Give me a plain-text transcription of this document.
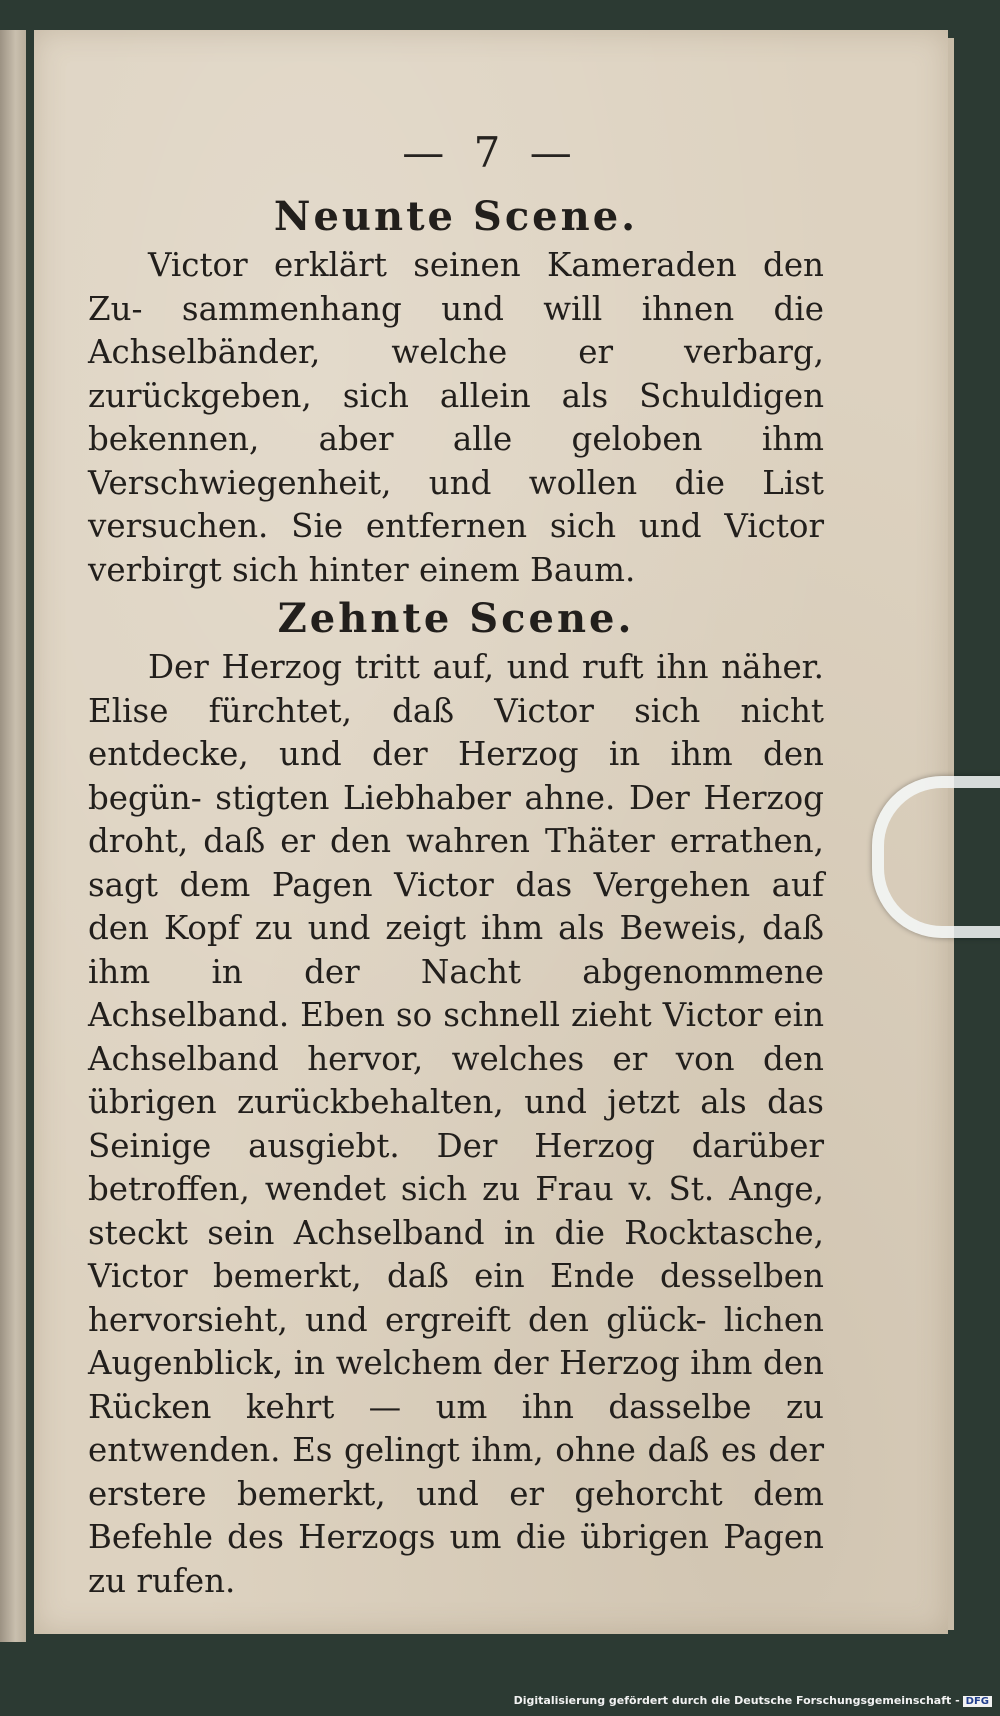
— 7 —
Neunte Scene.
Victor erklärt seinen Kameraden den Zu- sammenhang und will ihnen die Achselbänder, welche er verbarg, zurückgeben, sich allein als Schuldigen bekennen, aber alle geloben ihm Verschwiegenheit, und wollen die List versuchen. Sie entfernen sich und Victor verbirgt sich hinter einem Baum.
Zehnte Scene.
Der Herzog tritt auf, und ruft ihn näher. Elise fürchtet, daß Victor sich nicht entdecke, und der Herzog in ihm den begün- stigten Liebhaber ahne. Der Herzog droht, daß er den wahren Thäter errathen, sagt dem Pagen Victor das Vergehen auf den Kopf zu und zeigt ihm als Beweis, daß ihm in der Nacht abgenommene Achselband. Eben so schnell zieht Victor ein Achselband hervor, welches er von den übrigen zurückbehalten, und jetzt als das Seinige ausgiebt. Der Herzog darüber betroffen, wendet sich zu Frau v. St. Ange, steckt sein Achselband in die Rocktasche, Victor bemerkt, daß ein Ende desselben hervorsieht, und ergreift den glück- lichen Augenblick, in welchem der Herzog ihm den Rücken kehrt — um ihn dasselbe zu entwenden. Es gelingt ihm, ohne daß es der erstere bemerkt, und er gehorcht dem Befehle des Herzogs um die übrigen Pagen zu rufen.
Digitalisierung gefördert durch die Deutsche Forschungsgemeinschaft - DFG
